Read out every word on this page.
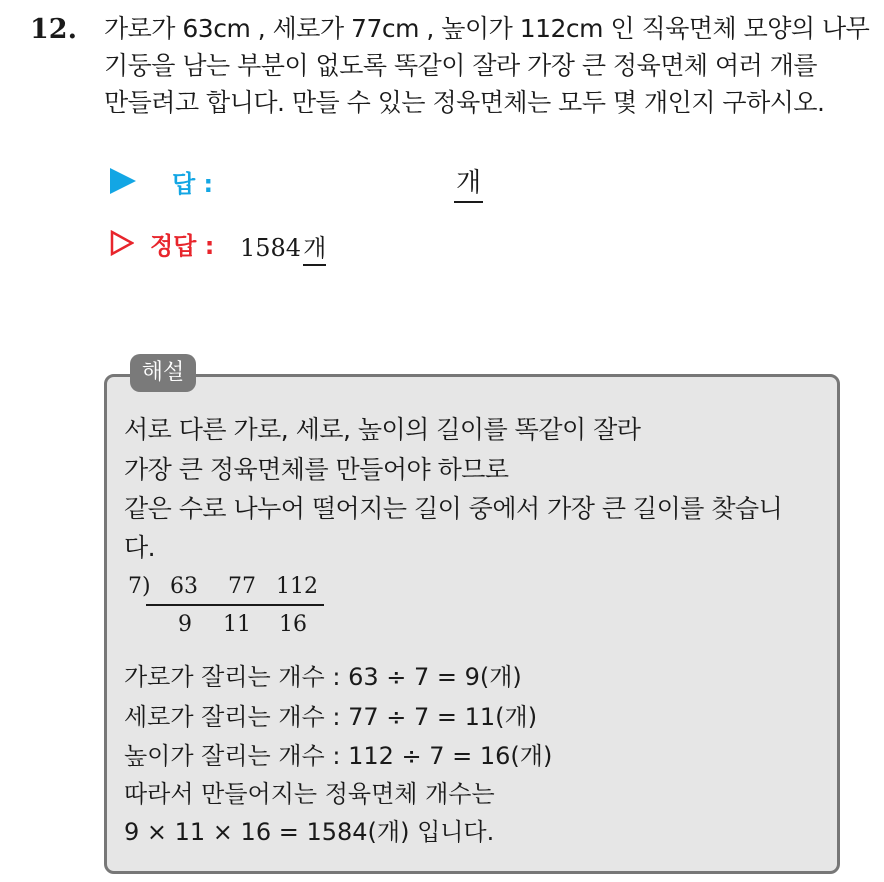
12. 가로가 63cm , 세로가 77cm , 높이가 112cm 인 직육면체 모양의 나무
기둥을 남는 부분이 없도록 똑같이 잘라 가장 큰 정육면체 여러 개를
만들려고 합니다. 만들 수 있는 정육면체는 모두 몇 개인지 구하시오.
답 :	개
정답 : 1584개
해설
서로 다른 가로, 세로, 높이의 길이를 똑같이 잘라
가장 큰 정육면체를 만들어야 하므로
같은 수로 나누어 떨어지는 길이 중에서 가장 큰 길이를 찾습니
다.
7) 63 77 112
9 11 16
가로가 잘리는 개수 : 63 ÷ 7 = 9(개)
세로가 잘리는 개수 : 77 ÷ 7 = 11(개)
높이가 잘리는 개수 : 112 ÷ 7 = 16(개)
따라서 만들어지는 정육면체 개수는
9 × 11 × 16 = 1584(개) 입니다.
